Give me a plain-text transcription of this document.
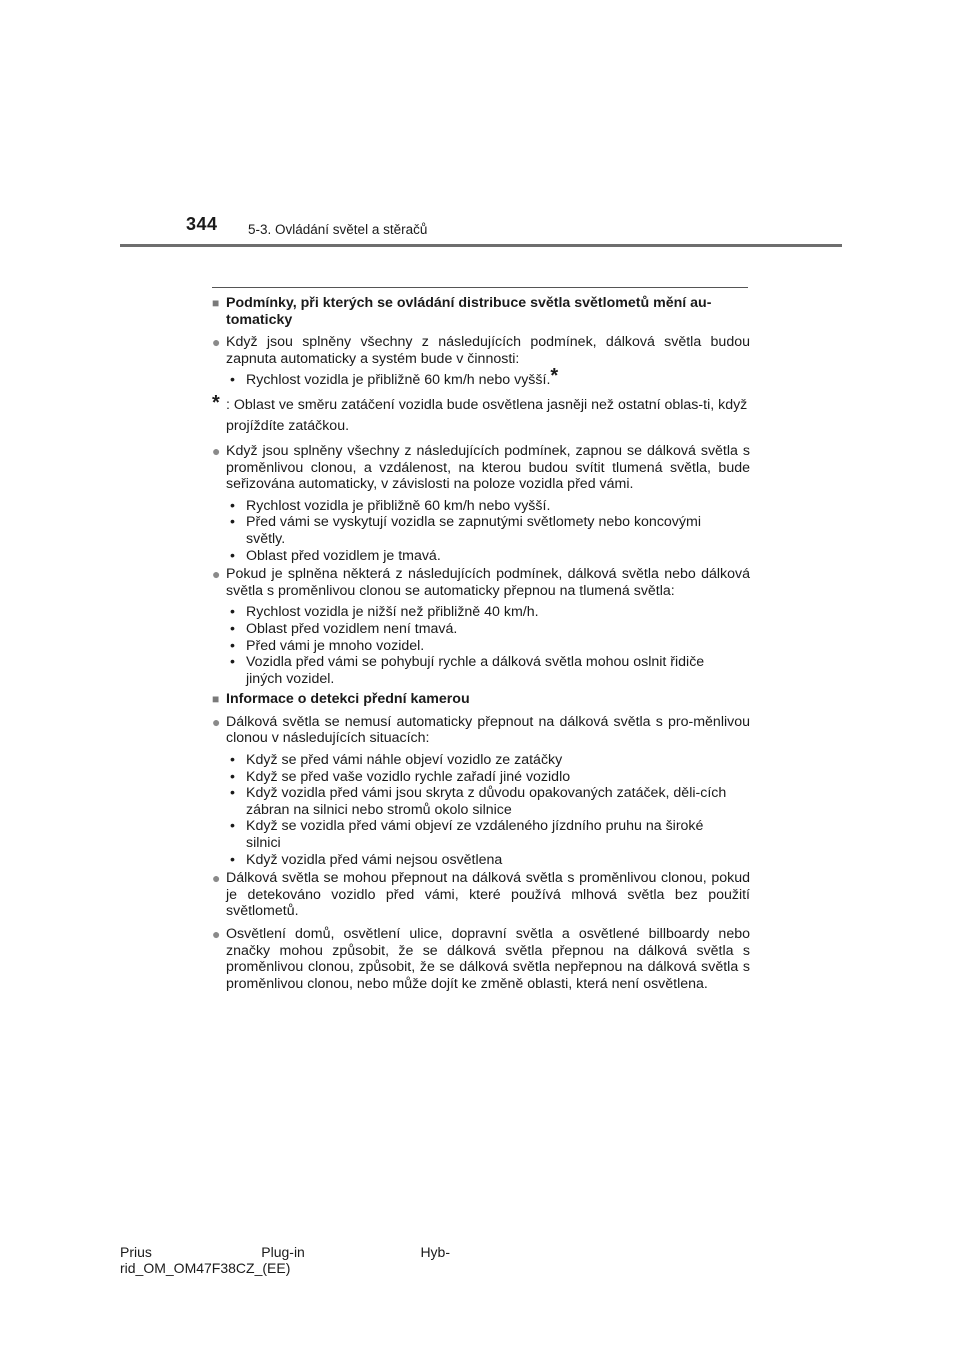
344 5-3. Ovládání světel a stěračů
■ Podmínky, při kterých se ovládání distribuce světla světlometů mění au-tomaticky
● Když jsou splněny všechny z následujících podmínek, dálková světla budou zapnuta automaticky a systém bude v činnosti:
• Rychlost vozidla je přibližně 60 km/h nebo vyšší.*
* : Oblast ve směru zatáčení vozidla bude osvětlena jasněji než ostatní oblas-ti, když projíždíte zatáčkou.
● Když jsou splněny všechny z následujících podmínek, zapnou se dálková světla s proměnlivou clonou, a vzdálenost, na kterou budou svítit tlumená světla, bude seřizována automaticky, v závislosti na poloze vozidla před vámi.
• Rychlost vozidla je přibližně 60 km/h nebo vyšší.
• Před vámi se vyskytují vozidla se zapnutými světlomety nebo koncovými světly.
• Oblast před vozidlem je tmavá.
● Pokud je splněna některá z následujících podmínek, dálková světla nebo dálková světla s proměnlivou clonou se automaticky přepnou na tlumená světla:
• Rychlost vozidla je nižší než přibližně 40 km/h.
• Oblast před vozidlem není tmavá.
• Před vámi je mnoho vozidel.
• Vozidla před vámi se pohybují rychle a dálková světla mohou oslnit řidiče jiných vozidel.
■ Informace o detekci přední kamerou
● Dálková světla se nemusí automaticky přepnout na dálková světla s pro-měnlivou clonou v následujících situacích:
• Když se před vámi náhle objeví vozidlo ze zatáčky
• Když se před vaše vozidlo rychle zařadí jiné vozidlo
• Když vozidla před vámi jsou skryta z důvodu opakovaných zatáček, děli-cích zábran na silnici nebo stromů okolo silnice
• Když se vozidla před vámi objeví ze vzdáleného jízdního pruhu na široké silnici
• Když vozidla před vámi nejsou osvětlena
● Dálková světla se mohou přepnout na dálková světla s proměnlivou clonou, pokud je detekováno vozidlo před vámi, které používá mlhová světla bez použití světlometů.
● Osvětlení domů, osvětlení ulice, dopravní světla a osvětlené billboardy nebo značky mohou způsobit, že se dálková světla přepnou na dálková světla s proměnlivou clonou, způsobit, že se dálková světla nepřepnou na dálková světla s proměnlivou clonou, nebo může dojít ke změně oblasti, která není osvětlena.
Prius	Plug-in	Hyb-
rid_OM_OM47F38CZ_(EE)
